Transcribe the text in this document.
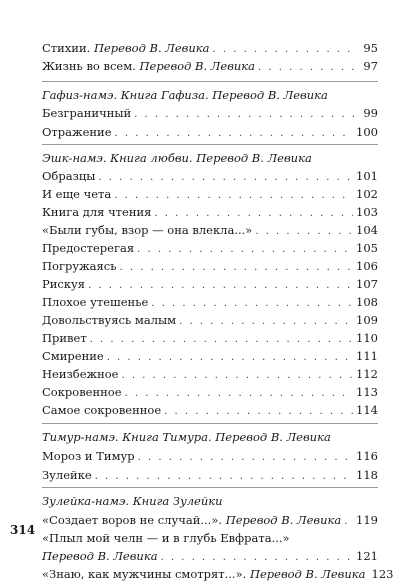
314
Стихии. Перевод В. Левика . . .	95
Жизнь во всем. Перевод В. Левика . . .	97
Гафиз-намэ. Книга Гафиза. Перевод В. Левика
Безграничный . . .	99
Отражение . . .	100
Эшк-намэ. Книга любви. Перевод В. Левика
Образцы . . .	101
И еще чета . . .	102
Книга для чтения . . .	103
«Были губы, взор — она влекла...» . . .	104
Предостерегая . . .	105
Погружаясь . . .	106
Рискуя . . .	107
Плохое утешенье . . .	108
Довольствуясь малым . . .	109
Привет . . .	110
Смирение . . .	111
Неизбежное . . .	112
Сокровенное . . .	113
Самое сокровенное . . .	114
Тимур-намэ. Книга Тимура. Перевод В. Левика
Мороз и Тимур . . .	116
Зулейке . . .	118
Зулейка-намэ. Книга Зулейки
«Создает воров не случай...». Перевод В. Левика . . . 119
«Плыл мой челн — и в глубь Евфрата...»
Перевод В. Левика . . .	121
«Знаю, как мужчины смотрят...». Перевод В. Левика 123
